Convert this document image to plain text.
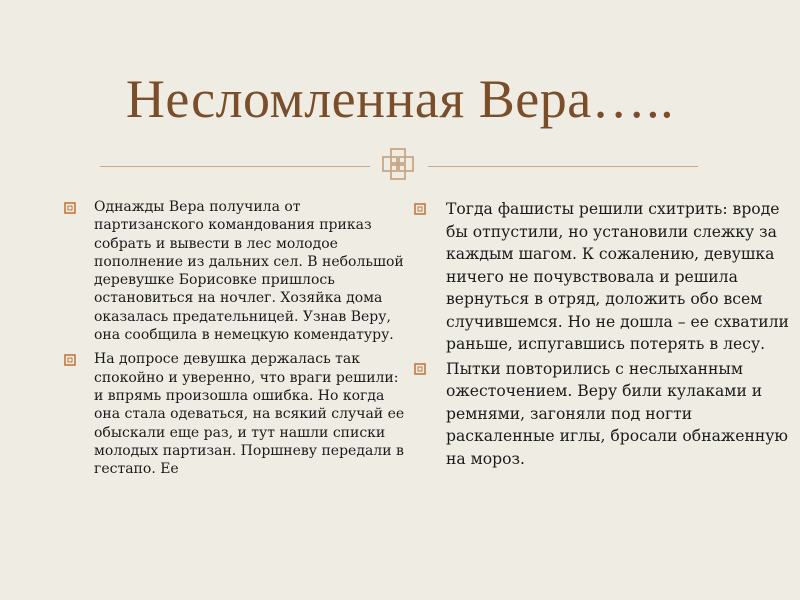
Несломленная Вера…..
Однажды Вера получила от партизанского командования приказ собрать и вывести в лес молодое пополнение из дальних сел. В небольшой деревушке Борисовке пришлось остановиться на ночлег. Хозяйка дома оказалась предательницей. Узнав Веру, она сообщила в немецкую комендатуру.
На допросе девушка держалась так спокойно и уверенно, что враги решили: и впрямь произошла ошибка. Но когда она стала одеваться, на всякий случай ее обыскали еще раз, и тут нашли списки молодых партизан. Поршневу передали в гестапо. Ее
Тогда фашисты решили схитрить: вроде бы отпустили, но установили слежку за каждым шагом. К сожалению, девушка ничего не почувствовала и решила вернуться в отряд, доложить обо всем случившемся. Но не дошла – ее схватили раньше, испугавшись потерять в лесу.
Пытки повторились с неслыханным ожесточением. Веру били кулаками и ремнями, загоняли под ногти раскаленные иглы, бросали обнаженную на мороз.
